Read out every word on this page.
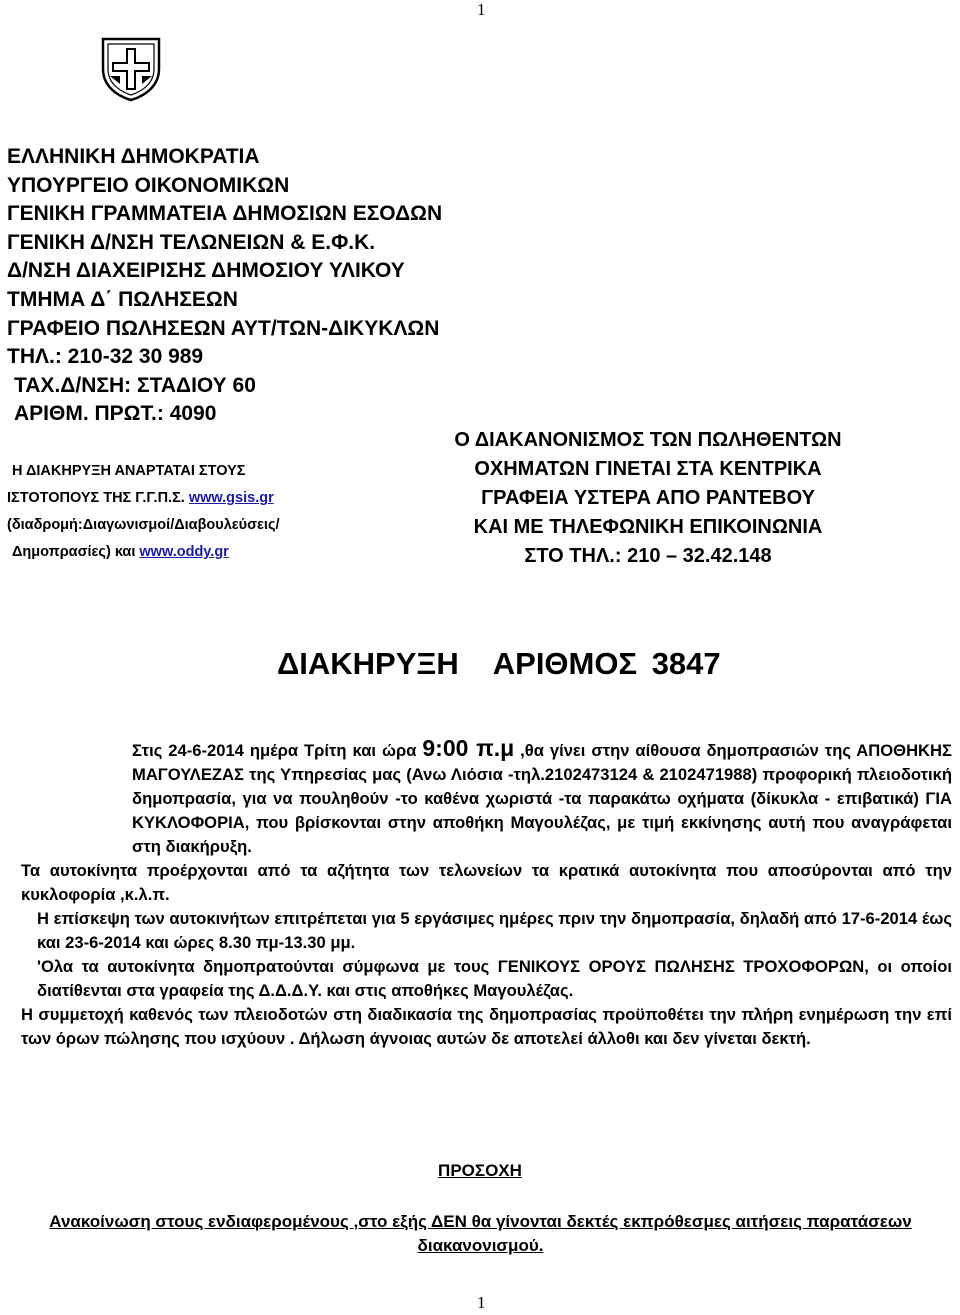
1
ΕΛΛΗΝΙΚΗ ΔΗΜΟΚΡΑΤΙΑ
ΥΠΟΥΡΓΕΙΟ ΟΙΚΟΝΟΜΙΚΩΝ
ΓΕΝΙΚΗ ΓΡΑΜΜΑΤΕΙΑ ΔΗΜΟΣΙΩΝ ΕΣΟΔΩΝ
ΓΕΝΙΚΗ Δ/ΝΣΗ ΤΕΛΩΝΕΙΩΝ & Ε.Φ.Κ.
Δ/ΝΣΗ ΔΙΑΧΕΙΡΙΣΗΣ ΔΗΜΟΣΙΟΥ ΥΛΙΚΟΥ
ΤΜΗΜΑ Δ΄ ΠΩΛΗΣΕΩΝ
ΓΡΑΦΕΙΟ ΠΩΛΗΣΕΩΝ ΑΥΤ/ΤΩΝ-ΔΙΚΥΚΛΩΝ
ΤΗΛ.: 210-32 30 989
ΤΑΧ.Δ/ΝΣΗ: ΣΤΑΔΙΟΥ 60
ΑΡΙΘΜ. ΠΡΩΤ.: 4090
Η ΔΙΑΚΗΡΥΞΗ ΑΝΑΡΤΑΤΑΙ ΣΤΟΥΣ
ΙΣΤΟΤΟΠΟΥΣ ΤΗΣ Γ.Γ.Π.Σ. www.gsis.gr
(διαδρομή:Διαγωνισμοί/Διαβουλεύσεις/
Δημοπρασίες) και www.oddy.gr
Ο ΔΙΑΚΑΝΟΝΙΣΜΟΣ ΤΩΝ ΠΩΛΗΘΕΝΤΩΝ
ΟΧΗΜΑΤΩΝ ΓΙΝΕΤΑΙ ΣΤΑ ΚΕΝΤΡΙΚΑ
ΓΡΑΦΕΙΑ ΥΣΤΕΡΑ ΑΠΟ ΡΑΝΤΕΒΟΥ
ΚΑΙ ΜΕ ΤΗΛΕΦΩΝΙΚΗ ΕΠΙΚΟΙΝΩΝΙΑ
ΣΤΟ ΤΗΛ.: 210 – 32.42.148
ΔΙΑΚΗΡΥΞΗ ΑΡΙΘΜΟΣ 3847

Στις 24-6-2014 ημέρα Τρίτη και ώρα 9:00 π.μ ,θα γίνει στην αίθουσα δημοπρασιών της ΑΠΟΘΗΚΗΣ ΜΑΓΟΥΛΕΖΑΣ της Υπηρεσίας μας (Ανω Λιόσια -τηλ.2102473124 & 2102471988) προφορική πλειοδοτική δημοπρασία, για να πουληθούν -το καθένα χωριστά -τα παρακάτω οχήματα (δίκυκλα - επιβατικά) ΓΙΑ ΚΥΚΛΟΦΟΡΙΑ, που βρίσκονται στην αποθήκη Μαγουλέζας, με τιμή εκκίνησης αυτή που αναγράφεται στη διακήρυξη.

Τα αυτοκίνητα προέρχονται από τα αζήτητα των τελωνείων τα κρατικά αυτοκίνητα που αποσύρονται από την κυκλοφορία ,κ.λ.π.

Η επίσκεψη των αυτοκινήτων επιτρέπεται για 5 εργάσιμες ημέρες πριν την δημοπρασία, δηλαδή από 17-6-2014 έως και 23-6-2014 και ώρες 8.30 πμ-13.30 μμ.

'Ολα τα αυτοκίνητα δημοπρατούνται σύμφωνα με τους ΓΕΝΙΚΟΥΣ ΟΡΟΥΣ ΠΩΛΗΣΗΣ ΤΡΟΧΟΦΟΡΩΝ, οι οποίοι διατίθενται στα γραφεία της Δ.Δ.Δ.Υ. και στις αποθήκες Μαγουλέζας.

Η συμμετοχή καθενός των πλειοδοτών στη διαδικασία της δημοπρασίας προϋποθέτει την πλήρη ενημέρωση την επί των όρων πώλησης που ισχύουν . Δήλωση άγνοιας αυτών δε αποτελεί άλλοθι και δεν γίνεται δεκτή.

ΠΡΟΣΟΧΗ
Ανακοίνωση στους ενδιαφερομένους ,στο εξής ΔΕΝ θα γίνονται δεκτές εκπρόθεσμες αιτήσεις παρατάσεων διακανονισμού.
1
